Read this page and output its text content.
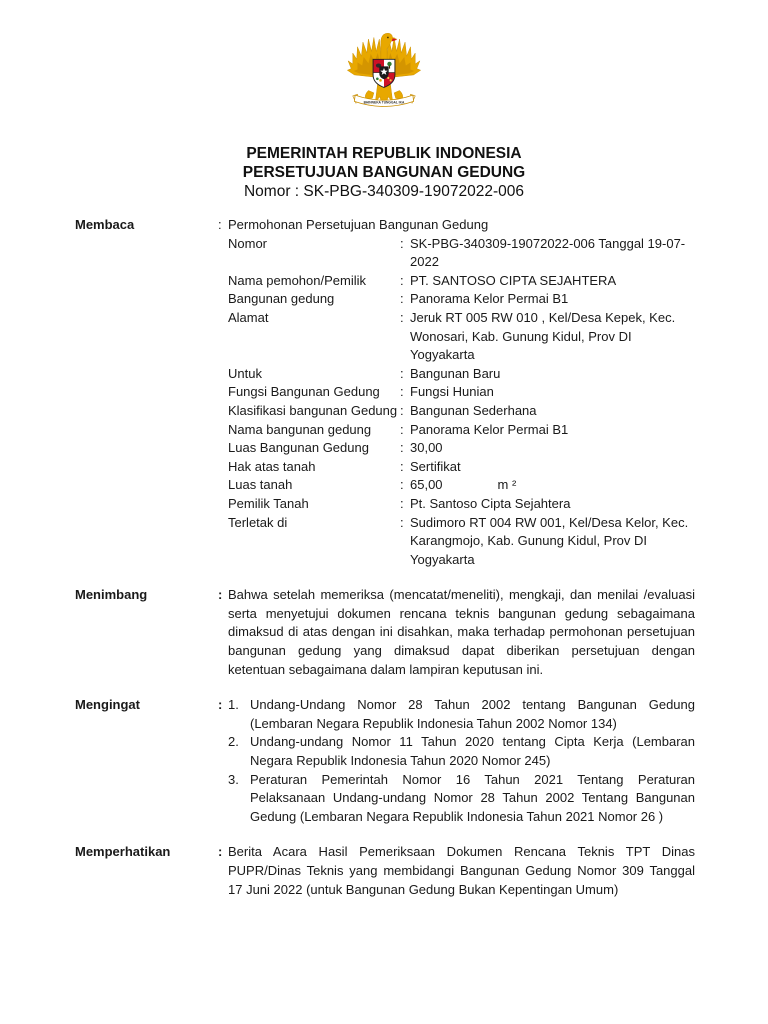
BHINNEKA TUNGGAL IKA
PEMERINTAH REPUBLIK INDONESIA
PERSETUJUAN BANGUNAN GEDUNG
Nomor : SK-PBG-340309-19072022-006
Membaca	: Permohonan Persetujuan Bangunan Gedung
Nomor	: SK-PBG-340309-19072022-006 Tanggal 19-07-2022
Nama pemohon/Pemilik	: PT. SANTOSO CIPTA SEJAHTERA
Bangunan gedung	: Panorama Kelor Permai B1
Alamat	: Jeruk RT 005 RW 010 , Kel/Desa Kepek, Kec. Wonosari, Kab. Gunung Kidul, Prov DI Yogyakarta
Untuk	: Bangunan Baru
Fungsi Bangunan Gedung	: Fungsi Hunian
Klasifikasi bangunan Gedung : Bangunan Sederhana
Nama bangunan gedung	: Panorama Kelor Permai B1
Luas Bangunan Gedung	: 30,00
Hak atas tanah	: Sertifikat
Luas tanah	: 65,00	m ²
Pemilik Tanah	: Pt. Santoso Cipta Sejahtera
Terletak di	: Sudimoro RT 004 RW 001, Kel/Desa Kelor, Kec. Karangmojo, Kab. Gunung Kidul, Prov DI Yogyakarta
Menimbang	: Bahwa setelah memeriksa (mencatat/meneliti), mengkaji, dan menilai /evaluasi serta menyetujui dokumen rencana teknis bangunan gedung sebagaimana dimaksud di atas dengan ini disahkan, maka terhadap permohonan persetujuan bangunan gedung yang dimaksud dapat diberikan persetujuan dengan ketentuan sebagaimana dalam lampiran keputusan ini.

Mengingat	: 1. Undang-Undang Nomor 28 Tahun 2002 tentang Bangunan Gedung (Lembaran Negara Republik Indonesia Tahun 2002 Nomor 134)
2. Undang-undang Nomor 11 Tahun 2020 tentang Cipta Kerja (Lembaran Negara Republik Indonesia Tahun 2020 Nomor 245)
3. Peraturan Pemerintah Nomor 16 Tahun 2021 Tentang Peraturan Pelaksanaan Undang-undang Nomor 28 Tahun 2002 Tentang Bangunan Gedung (Lembaran Negara Republik Indonesia Tahun 2021 Nomor 26 )
Memperhatikan	: Berita Acara Hasil Pemeriksaan Dokumen Rencana Teknis TPT Dinas PUPR/Dinas Teknis yang membidangi Bangunan Gedung Nomor 309 Tanggal 17 Juni 2022 (untuk Bangunan Gedung Bukan Kepentingan Umum)
